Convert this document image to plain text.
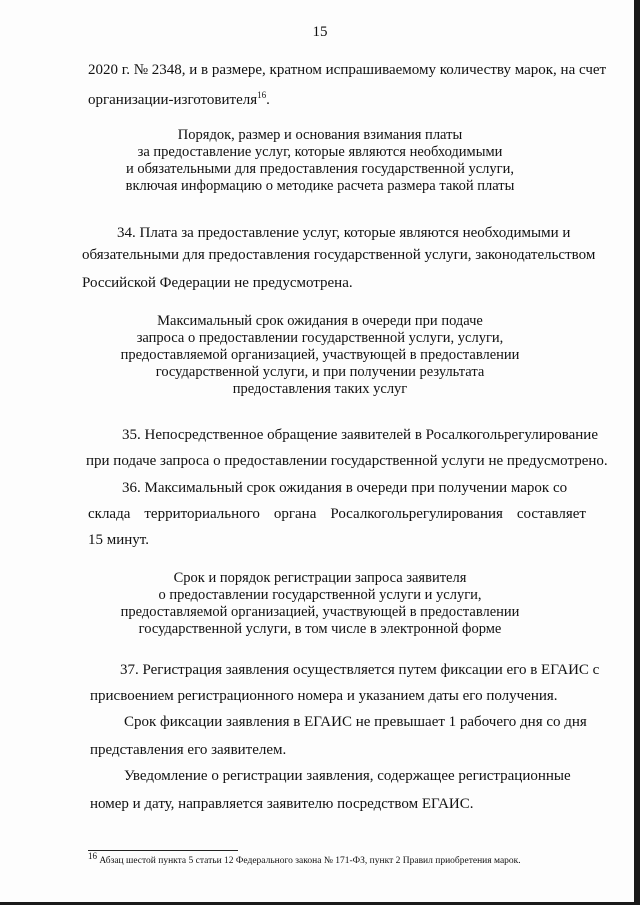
15
2020 г. № 2348, и в размере, кратном испрашиваемому количеству марок, на счет
организации-изготовителя$^{16}$.
Порядок, размер и основания взимания платы
за предоставление услуг, которые являются необходимыми
и обязательными для предоставления государственной услуги,
включая информацию о методике расчета размера такой платы
34. Плата за предоставление услуг, которые являются необходимыми и
обязательными для предоставления государственной услуги, законодательством
Российской Федерации не предусмотрена.
Максимальный срок ожидания в очереди при подаче
запроса о предоставлении государственной услуги, услуги,
предоставляемой организацией, участвующей в предоставлении
государственной услуги, и при получении результата
предоставления таких услуг
35. Непосредственное обращение заявителей в Росалкогольрегулирование
при подаче запроса о предоставлении государственной услуги не предусмотрено.
36. Максимальный срок ожидания в очереди при получении марок со
склада территориального органа Росалкогольрегулирования составляет
15 минут.
Срок и порядок регистрации запроса заявителя
о предоставлении государственной услуги и услуги,
предоставляемой организацией, участвующей в предоставлении
государственной услуги, в том числе в электронной форме
37. Регистрация заявления осуществляется путем фиксации его в ЕГАИС с
присвоением регистрационного номера и указанием даты его получения.
Срок фиксации заявления в ЕГАИС не превышает 1 рабочего дня со дня
представления его заявителем.
Уведомление о регистрации заявления, содержащее регистрационные
номер и дату, направляется заявителю посредством ЕГАИС.
$^{16}$ Абзац шестой пункта 5 статьи 12 Федерального закона № 171-ФЗ, пункт 2 Правил приобретения марок.
